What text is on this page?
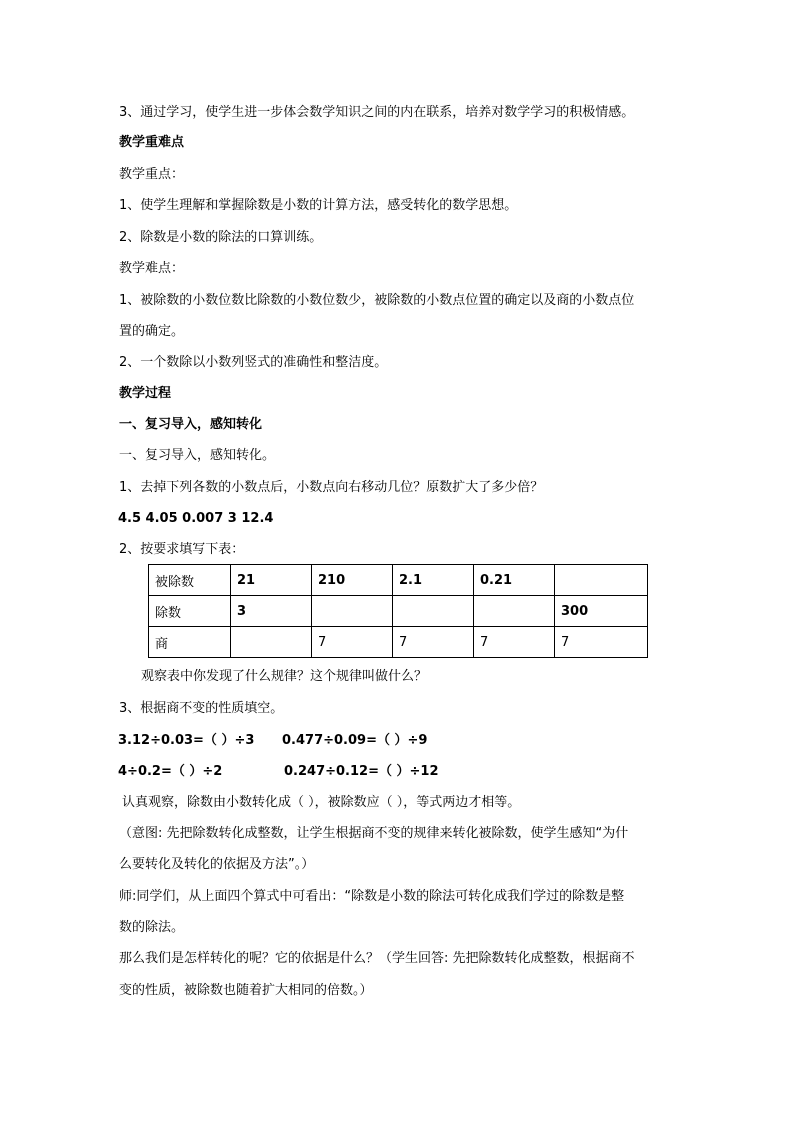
3、通过学习，使学生进一步体会数学知识之间的内在联系，培养对数学学习的积极情感。

教学重难点

教学重点：

1、使学生理解和掌握除数是小数的计算方法，感受转化的数学思想。

2、除数是小数的除法的口算训练。

教学难点：

1、被除数的小数位数比除数的小数位数少，被除数的小数点位置的确定以及商的小数点位

置的确定。

2、一个数除以小数列竖式的准确性和整洁度。

教学过程

一、复习导入，感知转化

一、复习导入，感知转化。

1、去掉下列各数的小数点后，小数点向右移动几位？原数扩大了多少倍？

4.5 4.05 0.007 3 12.4

2、按要求填写下表：

被除数	21	210	2.1	0.21	
除数	3				300
商		7	7	7	7

观察表中你发现了什么规律？这个规律叫做什么？

3、根据商不变的性质填空。

3.12÷0.03=（ ）÷3 0.477÷0.09=（ ）÷9

4÷0.2=（ ）÷2	0.247÷0.12=（ ）÷12

认真观察，除数由小数转化成（ ），被除数应（ ），等式两边才相等。

（意图: 先把除数转化成整数，让学生根据商不变的规律来转化被除数，使学生感知“为什

么要转化及转化的依据及方法”。）

师:同学们，从上面四个算式中可看出：“除数是小数的除法可转化成我们学过的除数是整

数的除法。

那么我们是怎样转化的呢？它的依据是什么？（学生回答: 先把除数转化成整数，根据商不

变的性质，被除数也随着扩大相同的倍数。）
